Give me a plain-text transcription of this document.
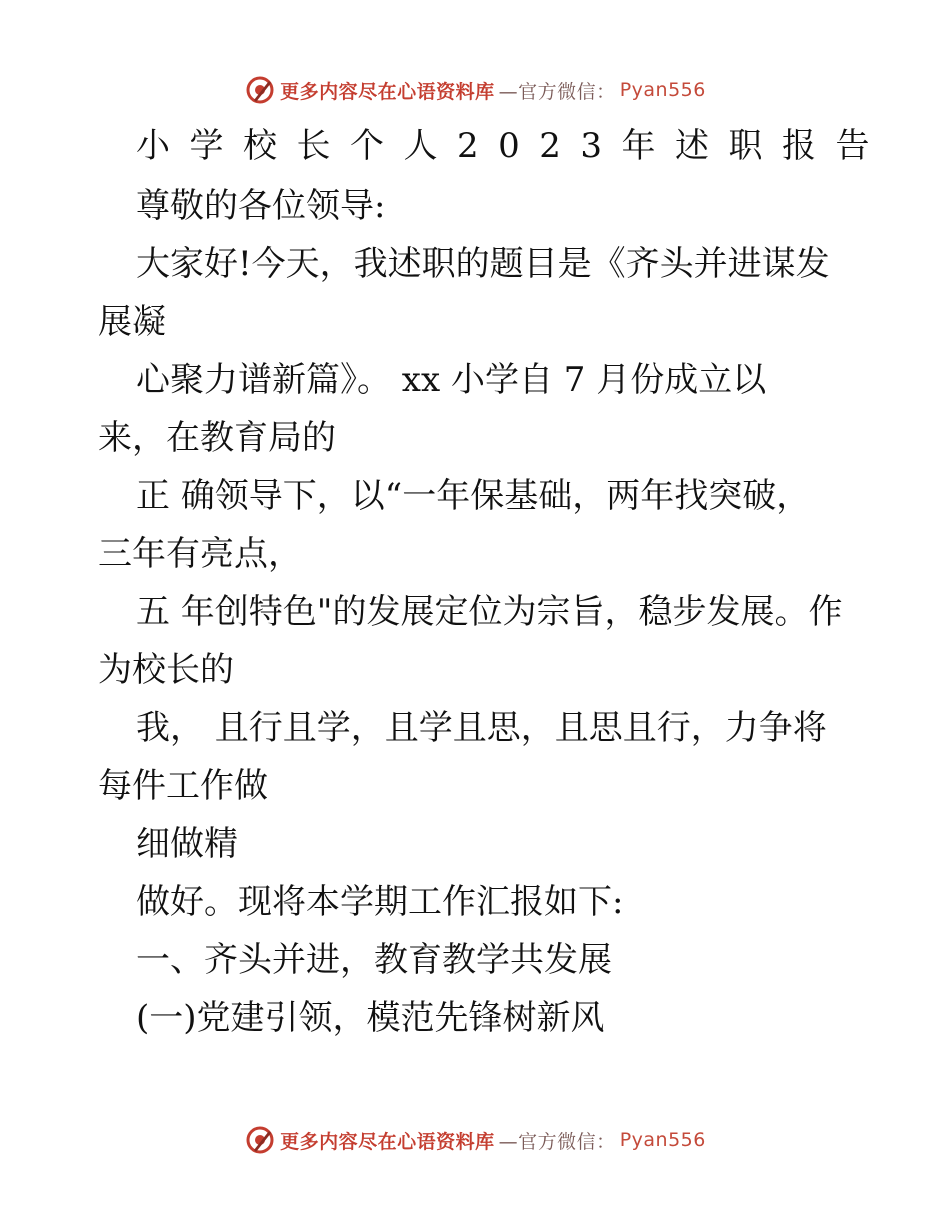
更多内容尽在心语资料库 —官方微信： Pyan556
小学校长个人2023年述职报告
尊敬的各位领导:
大家好!今天，我述职的题目是《齐头并进谋发
展凝
心聚力谱新篇》。 xx 小学自 7 月份成立以
来，在教育局的
正 确领导下，以“一年保基础，两年找突破，
三年有亮点，
五 年创特色"的发展定位为宗旨，稳步发展。作
为校长的
我， 且行且学，且学且思，且思且行，力争将
每件工作做
细做精
做好。现将本学期工作汇报如下:
一、齐头并进，教育教学共发展
(一)党建引领，模范先锋树新风
更多内容尽在心语资料库 —官方微信： Pyan556
